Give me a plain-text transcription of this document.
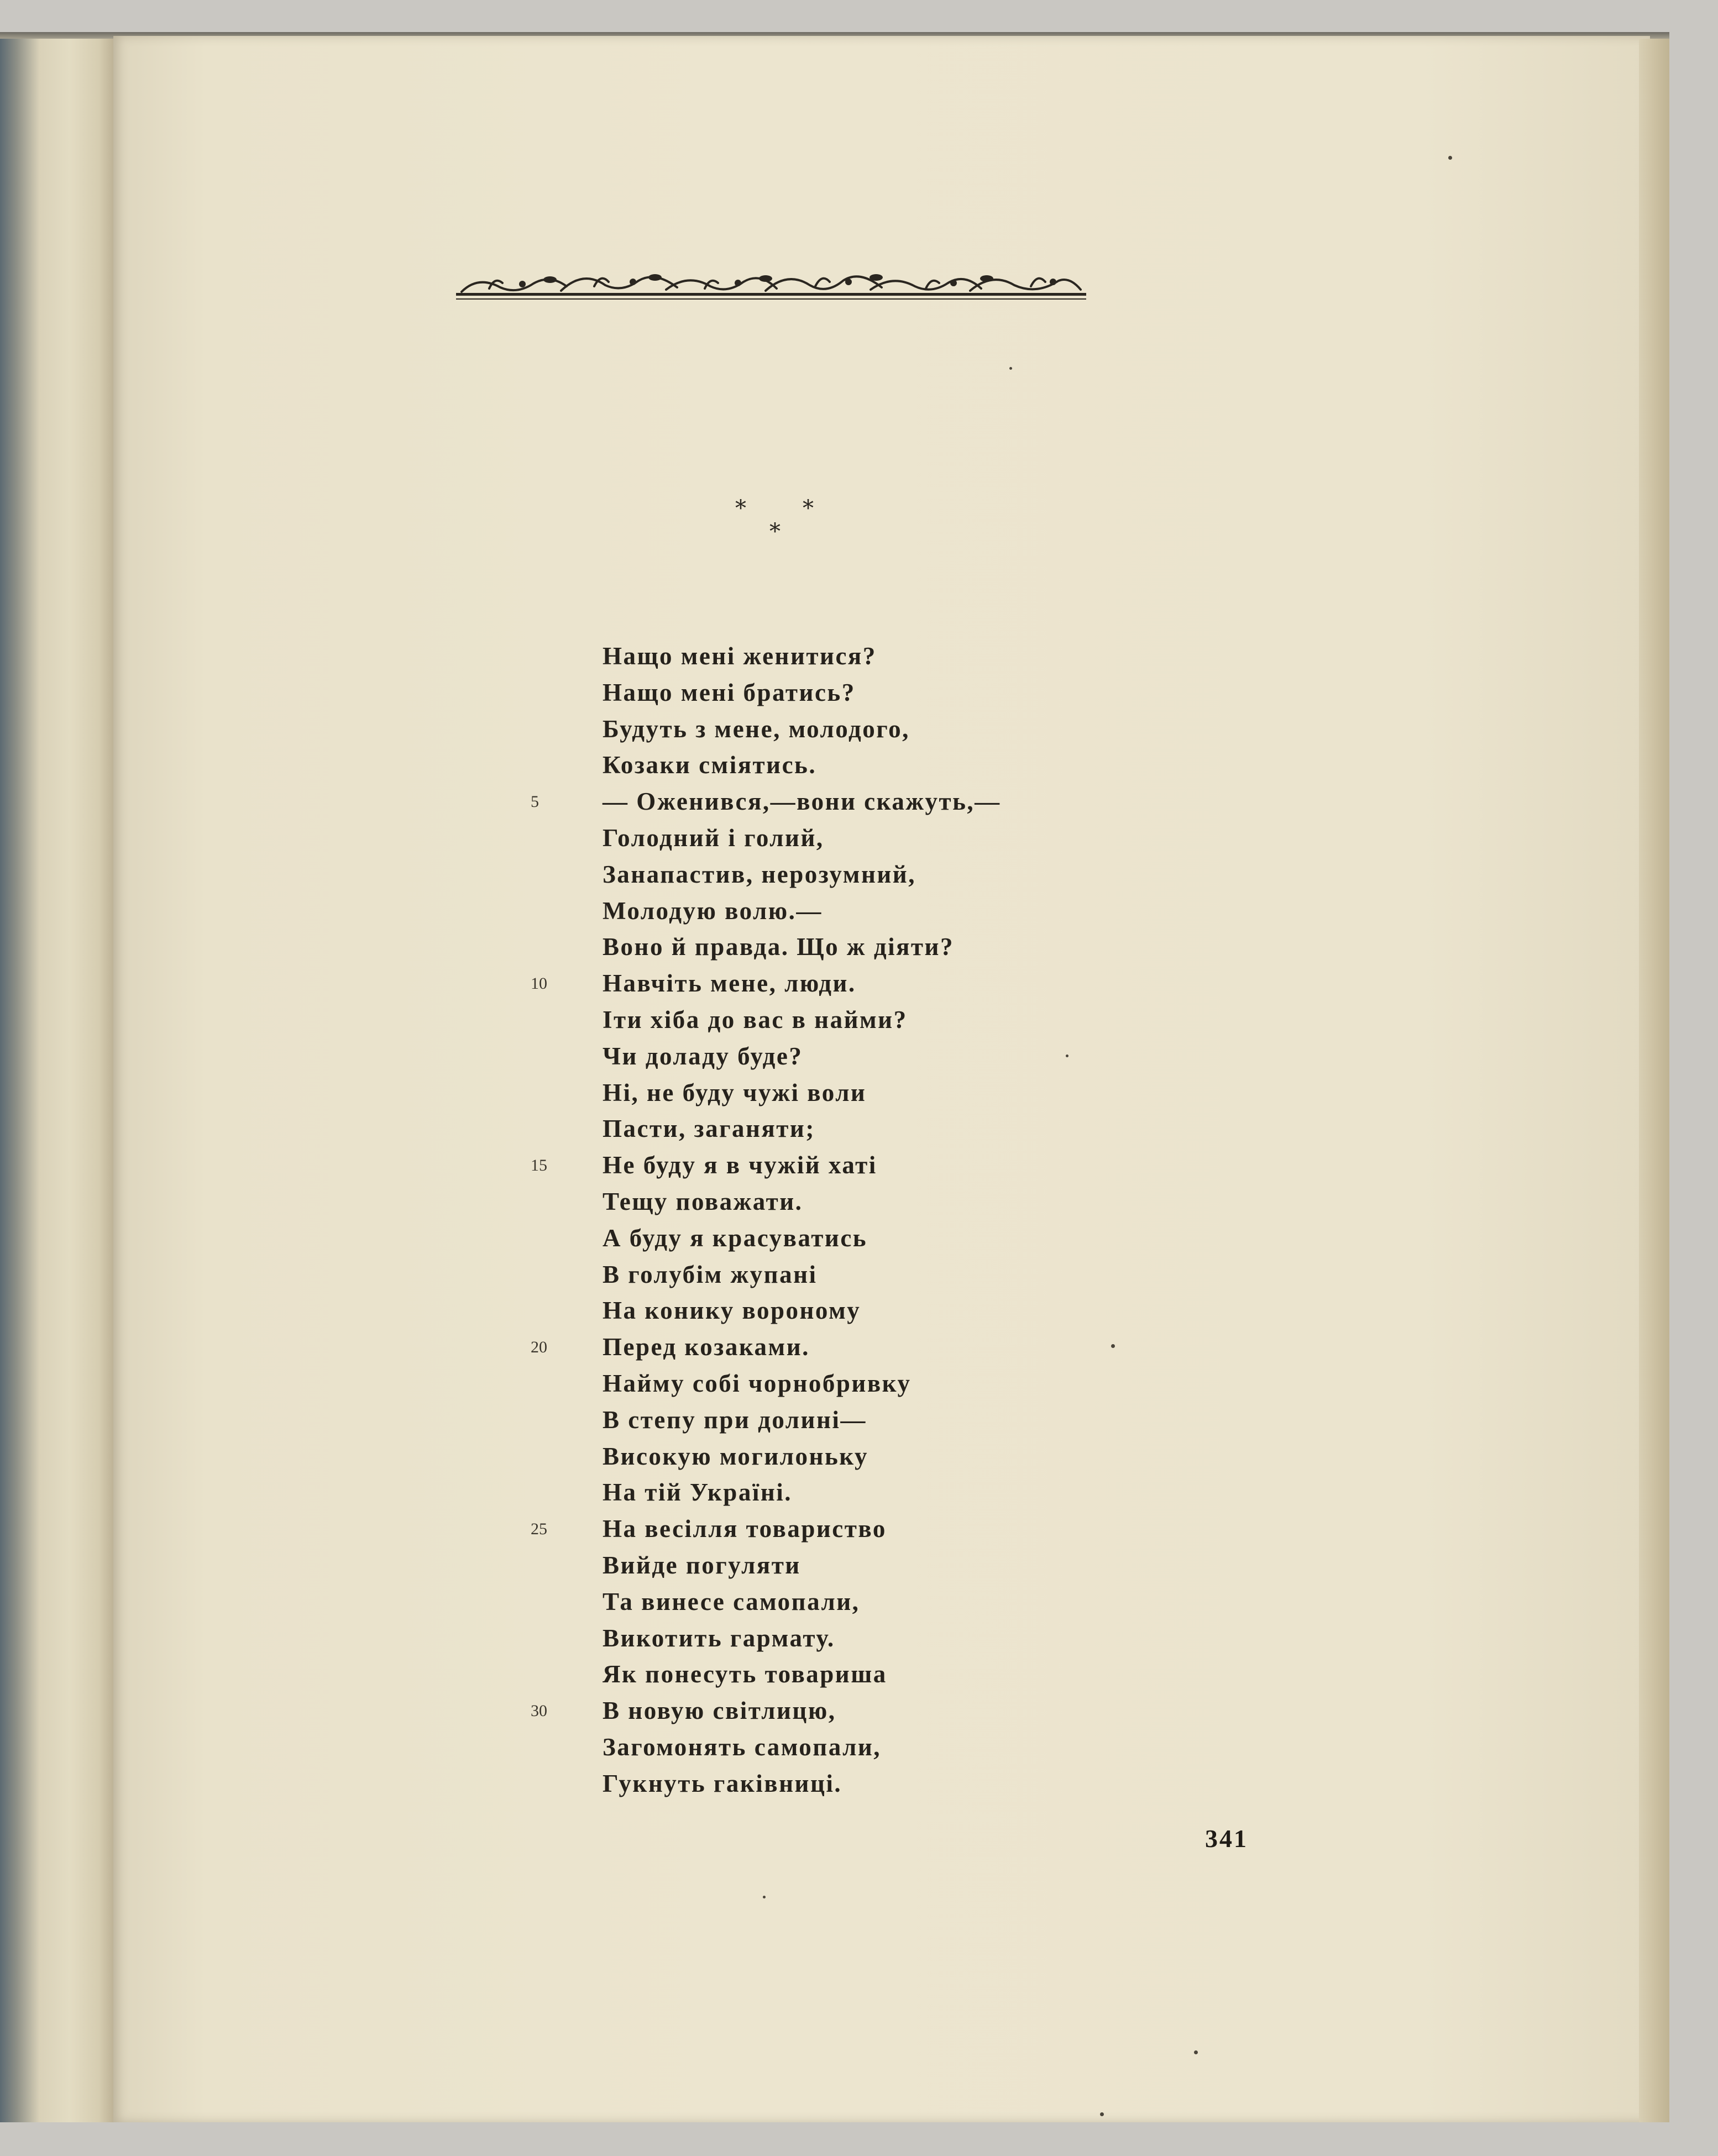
*	*
*
Нащо мені женитися?
Нащо мені братись?
Будуть з мене, молодого,
Козаки сміятись.
5	— Оженився,—вони скажуть,—
Голодний і голий,
Занапастив, нерозумний,
Молодую волю.—
Воно й правда. Що ж діяти?
10	Навчіть мене, люди.
Іти хіба до вас в найми?
Чи доладу буде?
Ні, не буду чужі воли
Пасти, заганяти;
15	Не буду я в чужій хаті
Тещу поважати.
А буду я красуватись
В голубім жупані
На конику вороному
20	Перед козаками.
Найму собі чорнобривку
В степу при долині—
Високую могилоньку
На тій Україні.
25	На весілля товариство
Вийде погуляти
Та винесе самопали,
Викотить гармату.
Як понесуть товариша
30	В новую світлицю,
Загомонять самопали,
Гукнуть гаківниці.
341
